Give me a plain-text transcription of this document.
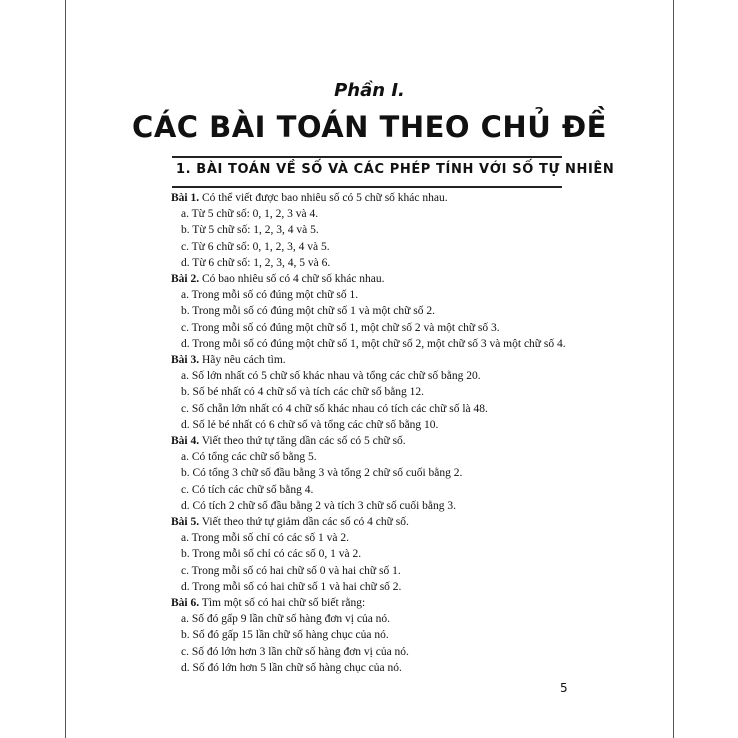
Phần I.
CÁC BÀI TOÁN THEO CHỦ ĐỀ
1. BÀI TOÁN VỀ SỐ VÀ CÁC PHÉP TÍNH VỚI SỐ TỰ NHIÊN
Bài 1. Có thể viết được bao nhiêu số có 5 chữ số khác nhau.
a. Từ 5 chữ số: 0, 1, 2, 3 và 4.
b. Từ 5 chữ số: 1, 2, 3, 4 và 5.
c. Từ 6 chữ số: 0, 1, 2, 3, 4 và 5.
d. Từ 6 chữ số: 1, 2, 3, 4, 5 và 6.
Bài 2. Có bao nhiêu số có 4 chữ số khác nhau.
a. Trong mỗi số có đúng một chữ số 1.
b. Trong mỗi số có đúng một chữ số 1 và một chữ số 2.
c. Trong mỗi số có đúng một chữ số 1, một chữ số 2 và một chữ số 3.
d. Trong mỗi số có đúng một chữ số 1, một chữ số 2, một chữ số 3 và một chữ số 4.
Bài 3. Hãy nêu cách tìm.
a. Số lớn nhất có 5 chữ số khác nhau và tổng các chữ số bằng 20.
b. Số bé nhất có 4 chữ số và tích các chữ số bằng 12.
c. Số chẵn lớn nhất có 4 chữ số khác nhau có tích các chữ số là 48.
d. Số lẻ bé nhất có 6 chữ số và tổng các chữ số bằng 10.
Bài 4. Viết theo thứ tự tăng dần các số có 5 chữ số.
a. Có tổng các chữ số bằng 5.
b. Có tổng 3 chữ số đầu bằng 3 và tổng 2 chữ số cuối bằng 2.
c. Có tích các chữ số bằng 4.
d. Có tích 2 chữ số đầu bằng 2 và tích 3 chữ số cuối bằng 3.
Bài 5. Viết theo thứ tự giảm dần các số có 4 chữ số.
a. Trong mỗi số chỉ có các số 1 và 2.
b. Trong mỗi số chỉ có các số 0, 1 và 2.
c. Trong mỗi số có hai chữ số 0 và hai chữ số 1.
d. Trong mỗi số có hai chữ số 1 và hai chữ số 2.
Bài 6. Tìm một số có hai chữ số biết rằng:
a. Số đó gấp 9 lần chữ số hàng đơn vị của nó.
b. Số đó gấp 15 lần chữ số hàng chục của nó.
c. Số đó lớn hơn 3 lần chữ số hàng đơn vị của nó.
d. Số đó lớn hơn 5 lần chữ số hàng chục của nó.
5
